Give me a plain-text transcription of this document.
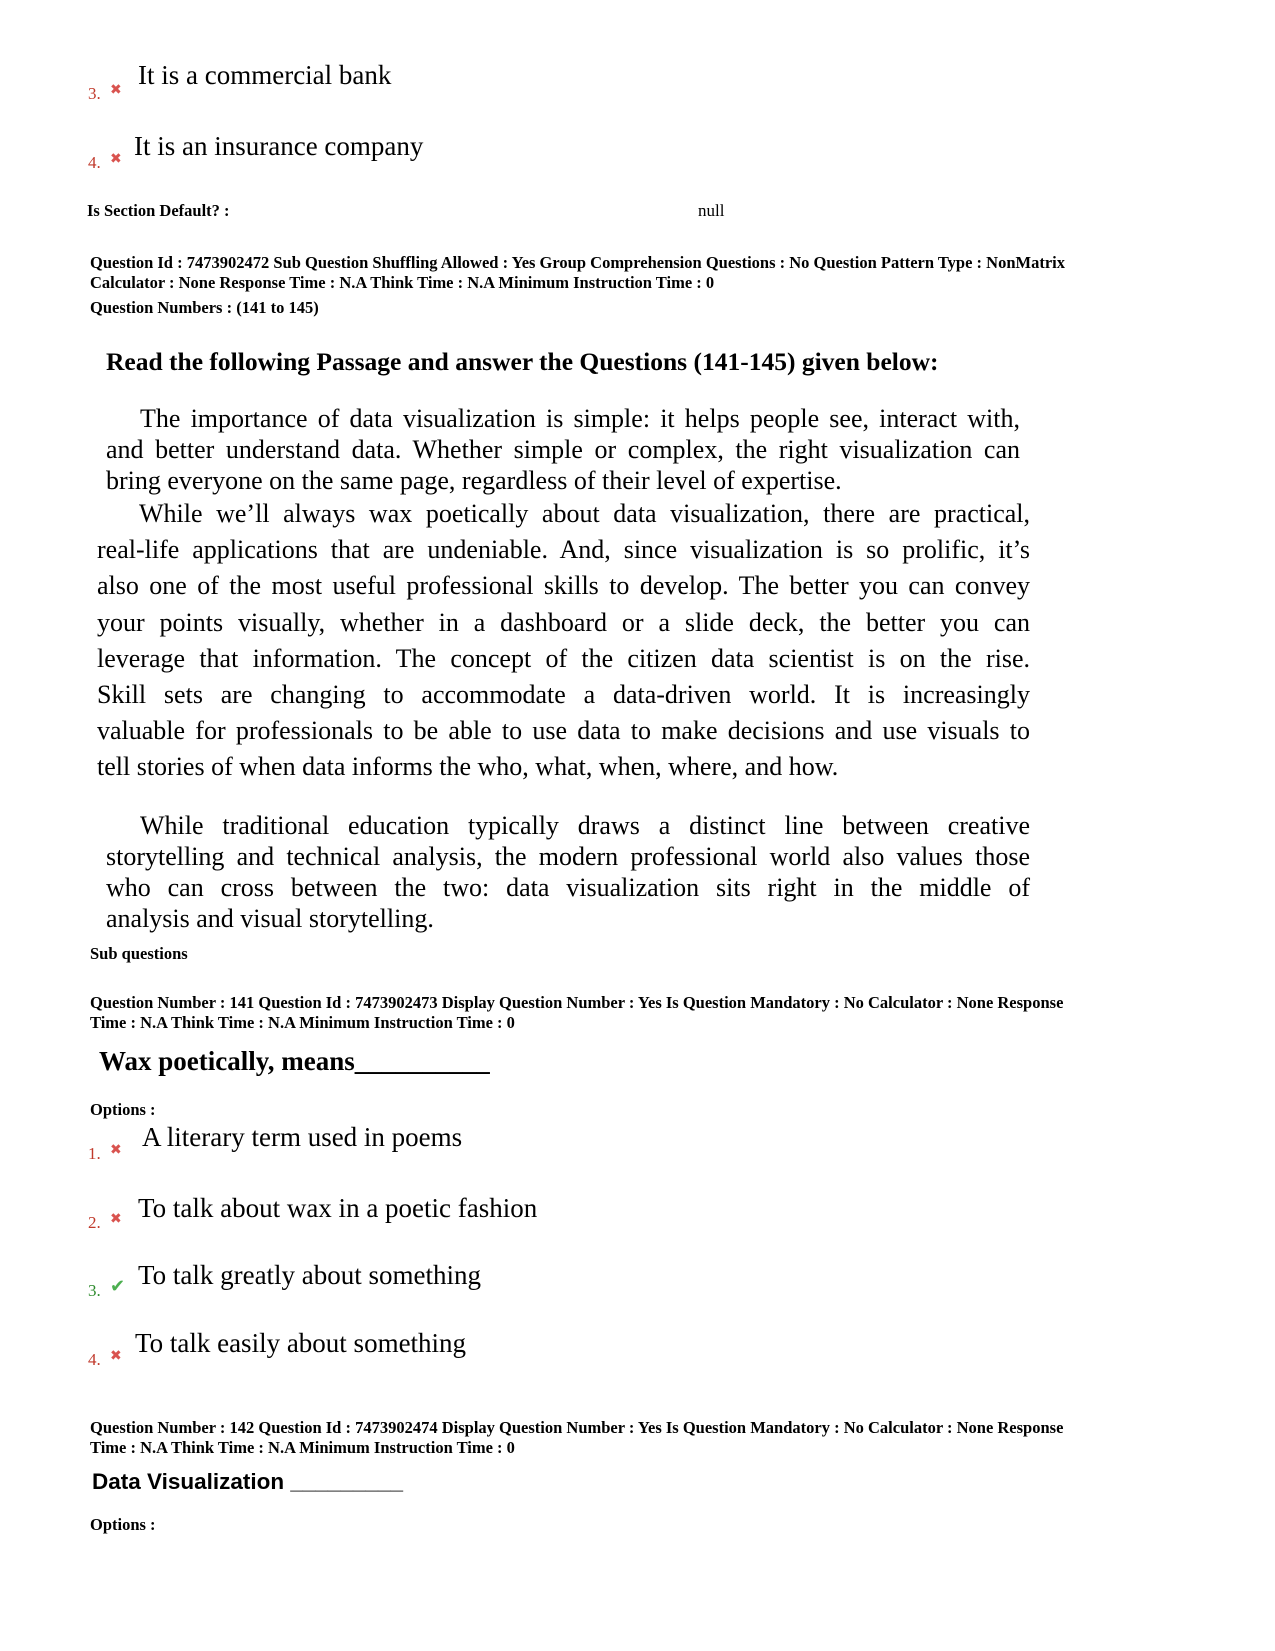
3. ✖
It is a commercial bank
4. ✖ It is an insurance company
Is Section Default? :	null
Question Id : 7473902472 Sub Question Shuffling Allowed : Yes Group Comprehension Questions : No Question Pattern Type : NonMatrix
Calculator : None Response Time : N.A Think Time : N.A Minimum Instruction Time : 0
Question Numbers : (141 to 145)
Read the following Passage and answer the Questions (141-145) given below:
The importance of data visualization is simple: it helps people see, interact with,
and better understand data. Whether simple or complex, the right visualization can
bring everyone on the same page, regardless of their level of expertise.
While we’ll always wax poetically about data visualization, there are practical,
real-life applications that are undeniable. And, since visualization is so prolific, it’s
also one of the most useful professional skills to develop. The better you can convey
your points visually, whether in a dashboard or a slide deck, the better you can
leverage that information. The concept of the citizen data scientist is on the rise.
Skill sets are changing to accommodate a data-driven world. It is increasingly
valuable for professionals to be able to use data to make decisions and use visuals to
tell stories of when data informs the who, what, when, where, and how.
While traditional education typically draws a distinct line between creative
storytelling and technical analysis, the modern professional world also values those
who can cross between the two: data visualization sits right in the middle of
analysis and visual storytelling.
Sub questions
Question Number : 141 Question Id : 7473902473 Display Question Number : Yes Is Question Mandatory : No Calculator : None Response
Time : N.A Think Time : N.A Minimum Instruction Time : 0
Wax poetically, means__________
Options :
1. ✖ A literary term used in poems
2. ✖ To talk about wax in a poetic fashion
3. ✔ To talk greatly about something
4. ✖ To talk easily about something
Question Number : 142 Question Id : 7473902474 Display Question Number : Yes Is Question Mandatory : No Calculator : None Response
Time : N.A Think Time : N.A Minimum Instruction Time : 0
Data Visualization _________
Options :
